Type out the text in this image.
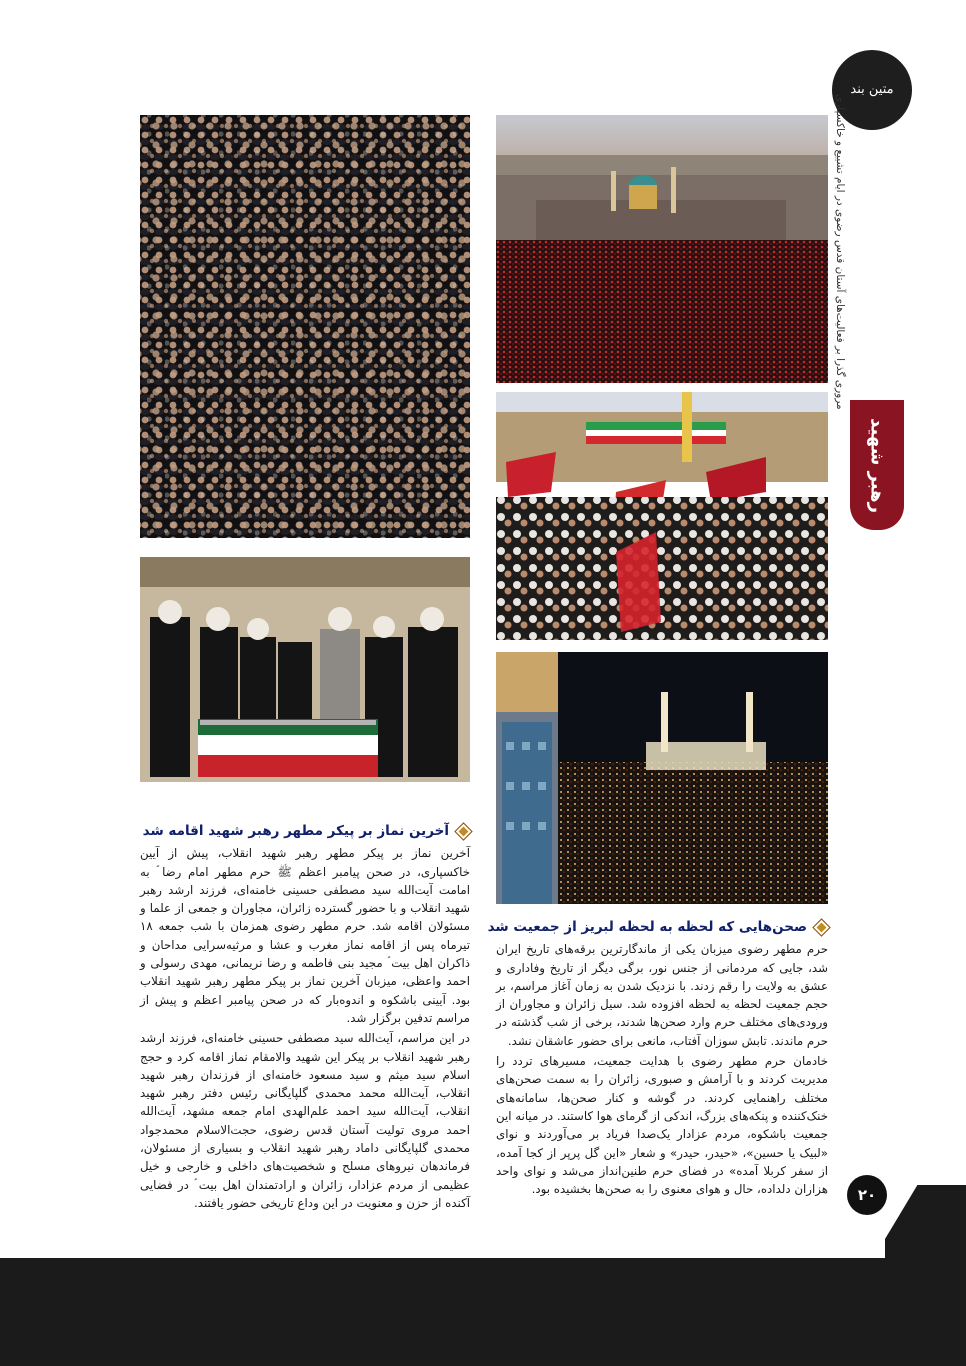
متین بند
مروری گذرا بر فعالیت‌های آستان قدس رضوی در ایام تشییع و خاکسپاری
رهبر شهید
آخرین نماز بر پیکر مطهر رهبر شهید اقامه شد

آخرین نماز بر پیکر مطهر رهبر شهید انقلاب، پیش از آیین خاکسپاری، در صحن پیامبر اعظم ﷺ حرم مطهر امام رضا ؑ به امامت آیت‌الله سید مصطفی حسینی خامنه‌ای، فرزند ارشد رهبر شهید انقلاب و با حضور گسترده زائران، مجاوران و جمعی از علما و مسئولان اقامه شد. حرم مطهر رضوی همزمان با شب جمعه ۱۸ تیرماه پس از اقامه نماز مغرب و عشا و مرثیه‌سرایی مداحان و ذاکران اهل بیت ؑ مجید بنی فاطمه و رضا نریمانی، مهدی رسولی و احمد واعظی، میزبان آخرین نماز بر پیکر مطهر رهبر شهید انقلاب بود. آیینی باشکوه و اندوه‌بار که در صحن پیامبر اعظم و پیش از مراسم تدفین برگزار شد.

در این مراسم، آیت‌الله سید مصطفی حسینی خامنه‌ای، فرزند ارشد رهبر شهید انقلاب بر پیکر این شهید والامقام نماز اقامه کرد و حجج اسلام سید میثم و سید مسعود خامنه‌ای از فرزندان رهبر شهید انقلاب، آیت‌الله محمد محمدی گلپایگانی رئیس دفتر رهبر شهید انقلاب، آیت‌الله سید احمد علم‌الهدی امام جمعه مشهد، آیت‌الله احمد مروی تولیت آستان قدس رضوی، حجت‌الاسلام محمدجواد محمدی گلپایگانی داماد رهبر شهید انقلاب و بسیاری از مسئولان، فرماندهان نیروهای مسلح و شخصیت‌های داخلی و خارجی و خیل عظیمی از مردم عزادار، زائران و ارادتمندان اهل بیت ؑ در فضایی آکنده از حزن و معنویت در این وداع تاریخی حضور یافتند.

صحن‌هایی که لحظه به لحظه لبریز از جمعیت شد

حرم مطهر رضوی میزبان یکی از ماندگارترین برقه‌های تاریخ ایران شد، جایی که مردمانی از جنس نور، برگی دیگر از تاریخ وفاداری و عشق به ولایت را رقم زدند. با نزدیک شدن به زمان آغاز مراسم، بر حجم جمعیت لحظه به لحظه افزوده شد. سیل زائران و مجاوران از ورودی‌های مختلف حرم وارد صحن‌ها شدند، برخی از شب گذشته در حرم ماندند. تابش سوزان آفتاب، مانعی برای حضور عاشقان نشد.

خادمان حرم مطهر رضوی با هدایت جمعیت، مسیرهای تردد را مدیریت کردند و با آرامش و صبوری، زائران را به سمت صحن‌های مختلف راهنمایی کردند. در گوشه و کنار صحن‌ها، سامانه‌های خنک‌کننده و پنکه‌های بزرگ، اندکی از گرمای هوا کاستند. در میانه این جمعیت باشکوه، مردم عزادار یک‌صدا فریاد بر می‌آوردند و نوای «لبیک یا حسین»، «حیدر، حیدر» و شعار «این گل پرپر از کجا آمده، از سفر کربلا آمده» در فضای حرم طنین‌انداز می‌شد و نوای واحد هزاران دلداده، حال و هوای معنوی را به صحن‌ها بخشیده بود.	۲۰
